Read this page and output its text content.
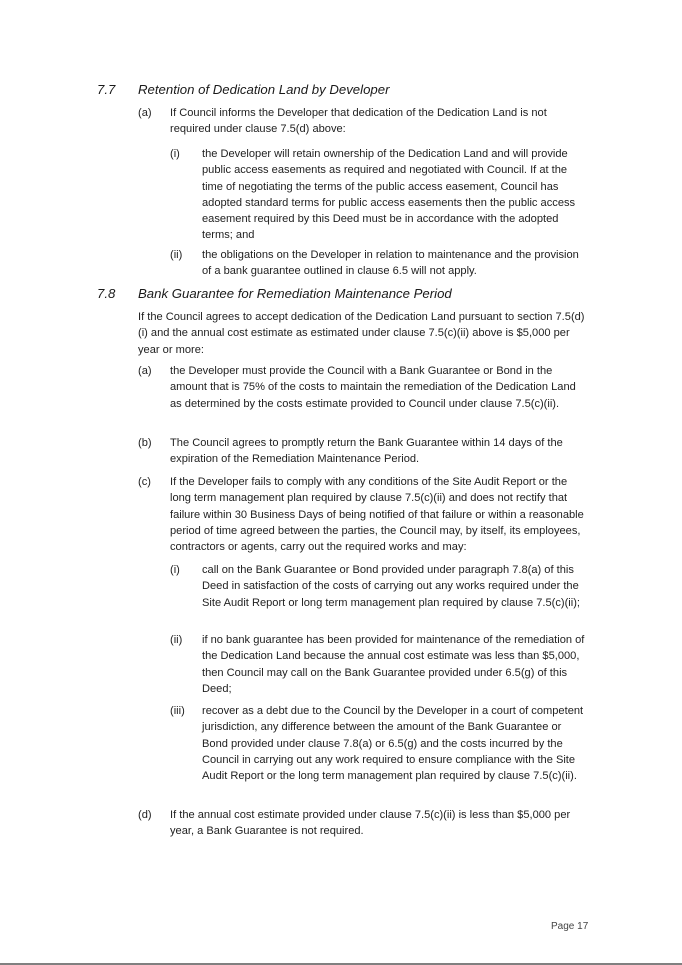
7.7 Retention of Dedication Land by Developer
(a) If Council informs the Developer that dedication of the Dedication Land is not required under clause 7.5(d) above:
(i) the Developer will retain ownership of the Dedication Land and will provide public access easements as required and negotiated with Council. If at the time of negotiating the terms of the public access easement, Council has adopted standard terms for public access easements then the public access easement required by this Deed must be in accordance with the adopted terms; and
(ii) the obligations on the Developer in relation to maintenance and the provision of a bank guarantee outlined in clause 6.5 will not apply.
7.8 Bank Guarantee for Remediation Maintenance Period
If the Council agrees to accept dedication of the Dedication Land pursuant to section 7.5(d)(i) and the annual cost estimate as estimated under clause 7.5(c)(ii) above is $5,000 per year or more:
(a) the Developer must provide the Council with a Bank Guarantee or Bond in the amount that is 75% of the costs to maintain the remediation of the Dedication Land as determined by the costs estimate provided to Council under clause 7.5(c)(ii).
(b) The Council agrees to promptly return the Bank Guarantee within 14 days of the expiration of the Remediation Maintenance Period.
(c) If the Developer fails to comply with any conditions of the Site Audit Report or the long term management plan required by clause 7.5(c)(ii) and does not rectify that failure within 30 Business Days of being notified of that failure or within a reasonable period of time agreed between the parties, the Council may, by itself, its employees, contractors or agents, carry out the required works and may:
(i) call on the Bank Guarantee or Bond provided under paragraph 7.8(a) of this Deed in satisfaction of the costs of carrying out any works required under the Site Audit Report or long term management plan required by clause 7.5(c)(ii);
(ii) if no bank guarantee has been provided for maintenance of the remediation of the Dedication Land because the annual cost estimate was less than $5,000, then Council may call on the Bank Guarantee provided under 6.5(g) of this Deed;
(iii) recover as a debt due to the Council by the Developer in a court of competent jurisdiction, any difference between the amount of the Bank Guarantee or Bond provided under clause 7.8(a) or 6.5(g) and the costs incurred by the Council in carrying out any work required to ensure compliance with the Site Audit Report or the long term management plan required by clause 7.5(c)(ii).
(d) If the annual cost estimate provided under clause 7.5(c)(ii) is less than $5,000 per year, a Bank Guarantee is not required.
Page 17
